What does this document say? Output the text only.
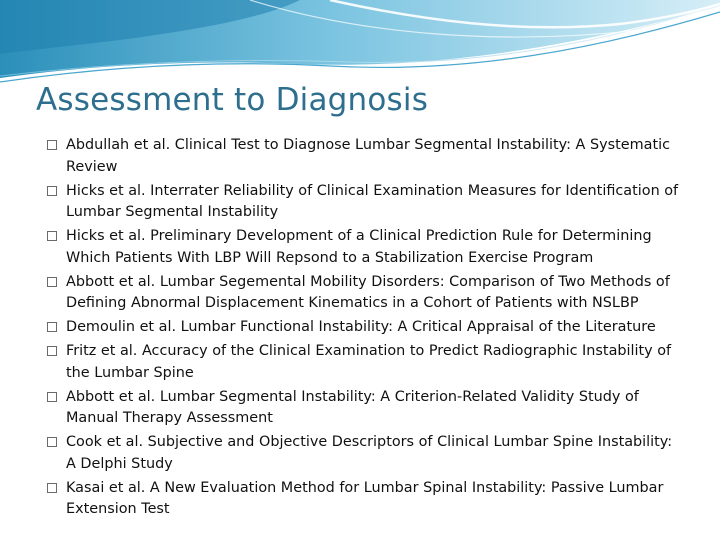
Assessment to Diagnosis
Abdullah et al. Clinical Test to Diagnose Lumbar Segmental Instability: A Systematic Review
Hicks et al. Interrater Reliability of Clinical Examination Measures for Identification of Lumbar Segmental Instability
Hicks et al. Preliminary Development of a Clinical Prediction Rule for Determining Which Patients With LBP Will Repsond to a Stabilization Exercise Program
Abbott et al. Lumbar Segemental Mobility Disorders: Comparison of Two Methods of Defining Abnormal Displacement Kinematics in a Cohort of Patients with NSLBP
Demoulin et al. Lumbar Functional Instability: A Critical Appraisal of the Literature
Fritz et al. Accuracy of the Clinical Examination to Predict Radiographic Instability of the Lumbar Spine
Abbott et al. Lumbar Segmental Instability: A Criterion-Related Validity Study of Manual Therapy Assessment
Cook et al. Subjective and Objective Descriptors of Clinical Lumbar Spine Instability: A Delphi Study
Kasai et al. A New Evaluation Method for Lumbar Spinal Instability: Passive Lumbar Extension Test
